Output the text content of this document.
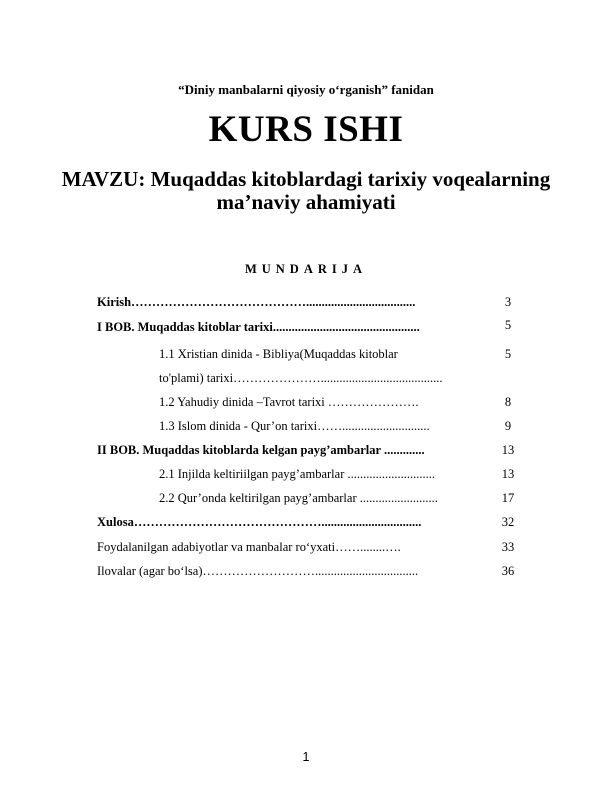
“Diniy manbalarni qiyosiy o‘rganish” fanidan
KURS ISHI
MAVZU: Muqaddas kitoblardagi tarixiy voqealarning
ma’naviy ahamiyati
MUNDARIJA
Kirish……………………………………...................................	3
I BOB. Muqaddas kitoblar tarixi...............................................	5
1.1 Xristian dinida - Bibliya(Muqaddas kitoblar	5
to'plami) tarixi………………….......................................
1.2 Yahudiy dinida –Tavrot tarixi ………………….	8
1.3 Islom dinida - Qur’on tarixi……............................	9
II BOB. Muqaddas kitoblarda kelgan payg’ambarlar .............	13
2.1 Injilda keltiriilgan payg’ambarlar ............................	13
2.2 Qur’onda keltirilgan payg’ambarlar .........................	17
Xulosa………………………………………................................	32
Foydalanilgan adabiyotlar va manbalar ro‘yxati……........….	33
Ilovalar (agar bo‘lsa)……………………….................................	36
1
